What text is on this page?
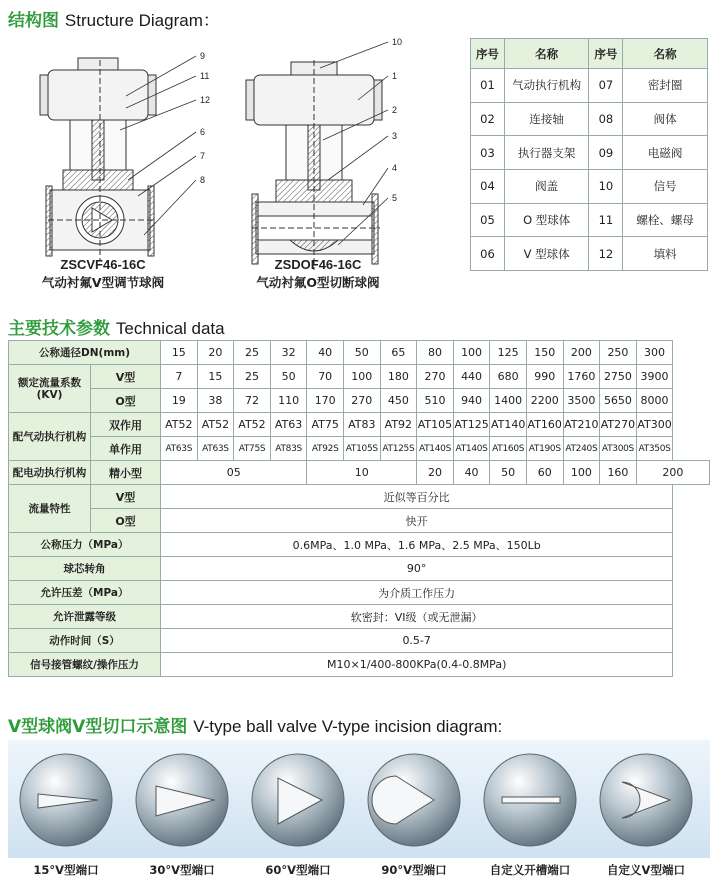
结构图 Structure Diagram：
9
11
12
6
7
8
10
1
2
3
4
5
ZSCVF46-16C
气动衬氟V型调节球阀
ZSDOF46-16C
气动衬氟O型切断球阀
序号	名称	序号	名称
01	气动执行机构	07	密封圈
02	连接轴	08	阀体
03	执行器支架	09	电磁阀
04	阀盖	10	信号
05	O 型球体	11	螺栓、螺母
06	V 型球体	12	填料
主要技术参数 Technical data
公称通径DN(mm)		15	20	25	32	40	50	65	80	100	125	150	200	250	300
额定流量系数(KV)	V型	7	15	25	50	70	100	180	270	440	680	990	1760	2750	3900
	O型	19	38	72	110	170	270	450	510	940	1400	2200	3500	5650	8000
配气动执行机构	双作用	AT52	AT52	AT52	AT63	AT75	AT83	AT92	AT105	AT125	AT140	AT160	AT210	AT270	AT300
	单作用	AT63S	AT63S	AT75S	AT83S	AT92S	AT105S	AT125S	AT140S	AT140S	AT160S	AT190S	AT240S	AT300S	AT350S
配电动执行机构	精小型	05				10			20	40	50	60	100	160	200
流量特性	V型	近似等百分比													
	O型	快开													
公称压力（MPa）		0.6MPa、1.0 MPa、1.6 MPa、2.5 MPa、150Lb													
球芯转角		90°													
允许压差（MPa）		为介质工作压力													
允许泄露等级		软密封：VI级（或无泄漏）													
动作时间（S）		0.5-7													
信号接管螺纹/操作压力		M10×1/400-800KPa(0.4-0.8MPa)													
V型球阀V型切口示意图 V-type ball valve V-type incision diagram:
15°V型端口	30°V型端口	60°V型端口	90°V型端口	自定义开槽端口	自定义V型端口
